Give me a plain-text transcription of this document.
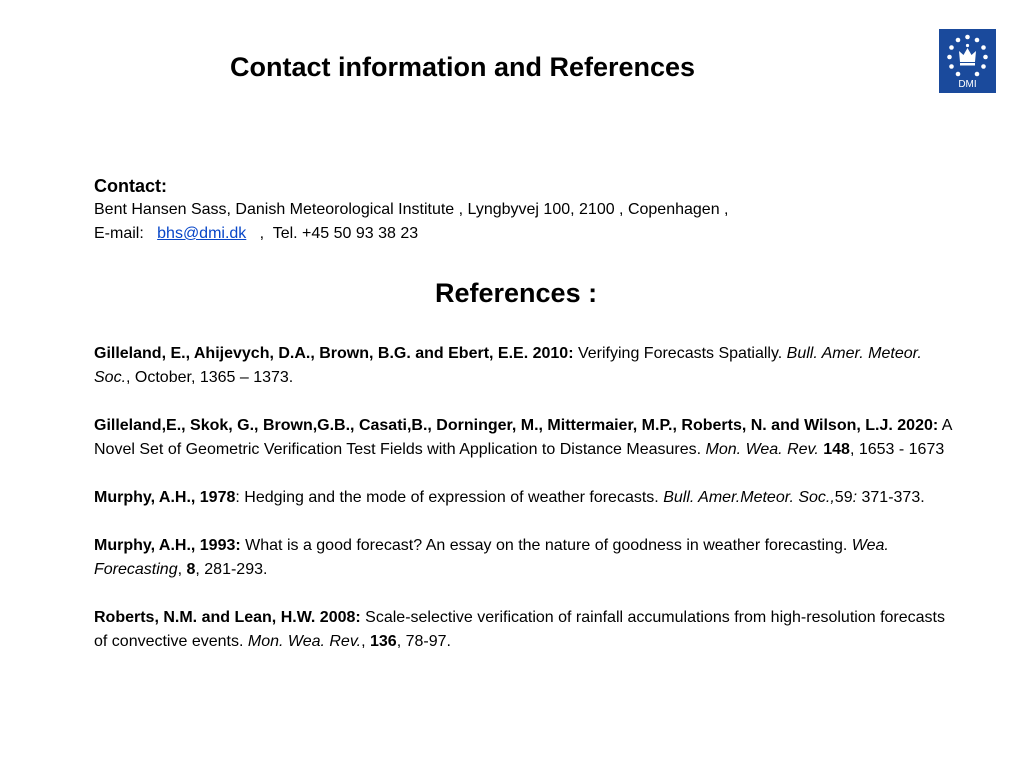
Contact information and References
DMI
Contact:
Bent Hansen Sass, Danish Meteorological Institute , Lyngbyvej 100, 2100 , Copenhagen ,
E-mail: bhs@dmi.dk   ,  Tel. +45 50 93 38 23
References :
Gilleland, E., Ahijevych, D.A., Brown, B.G. and Ebert, E.E. 2010: Verifying Forecasts Spatially. Bull. Amer. Meteor. Soc., October, 1365 – 1373.
Gilleland,E., Skok, G., Brown,G.B., Casati,B., Dorninger, M., Mittermaier, M.P., Roberts, N. and Wilson, L.J. 2020: A Novel Set of Geometric Verification Test Fields with Application to Distance Measures. Mon. Wea. Rev. 148, 1653 - 1673
Murphy, A.H., 1978: Hedging and the mode of expression of weather forecasts. Bull. Amer.Meteor. Soc.,59: 371-373.
Murphy, A.H., 1993: What is a good forecast? An essay on the nature of goodness in weather forecasting. Wea. Forecasting, 8, 281-293.
Roberts, N.M. and Lean, H.W. 2008: Scale-selective verification of rainfall accumulations from high-resolution forecasts of convective events. Mon. Wea. Rev., 136, 78-97.
